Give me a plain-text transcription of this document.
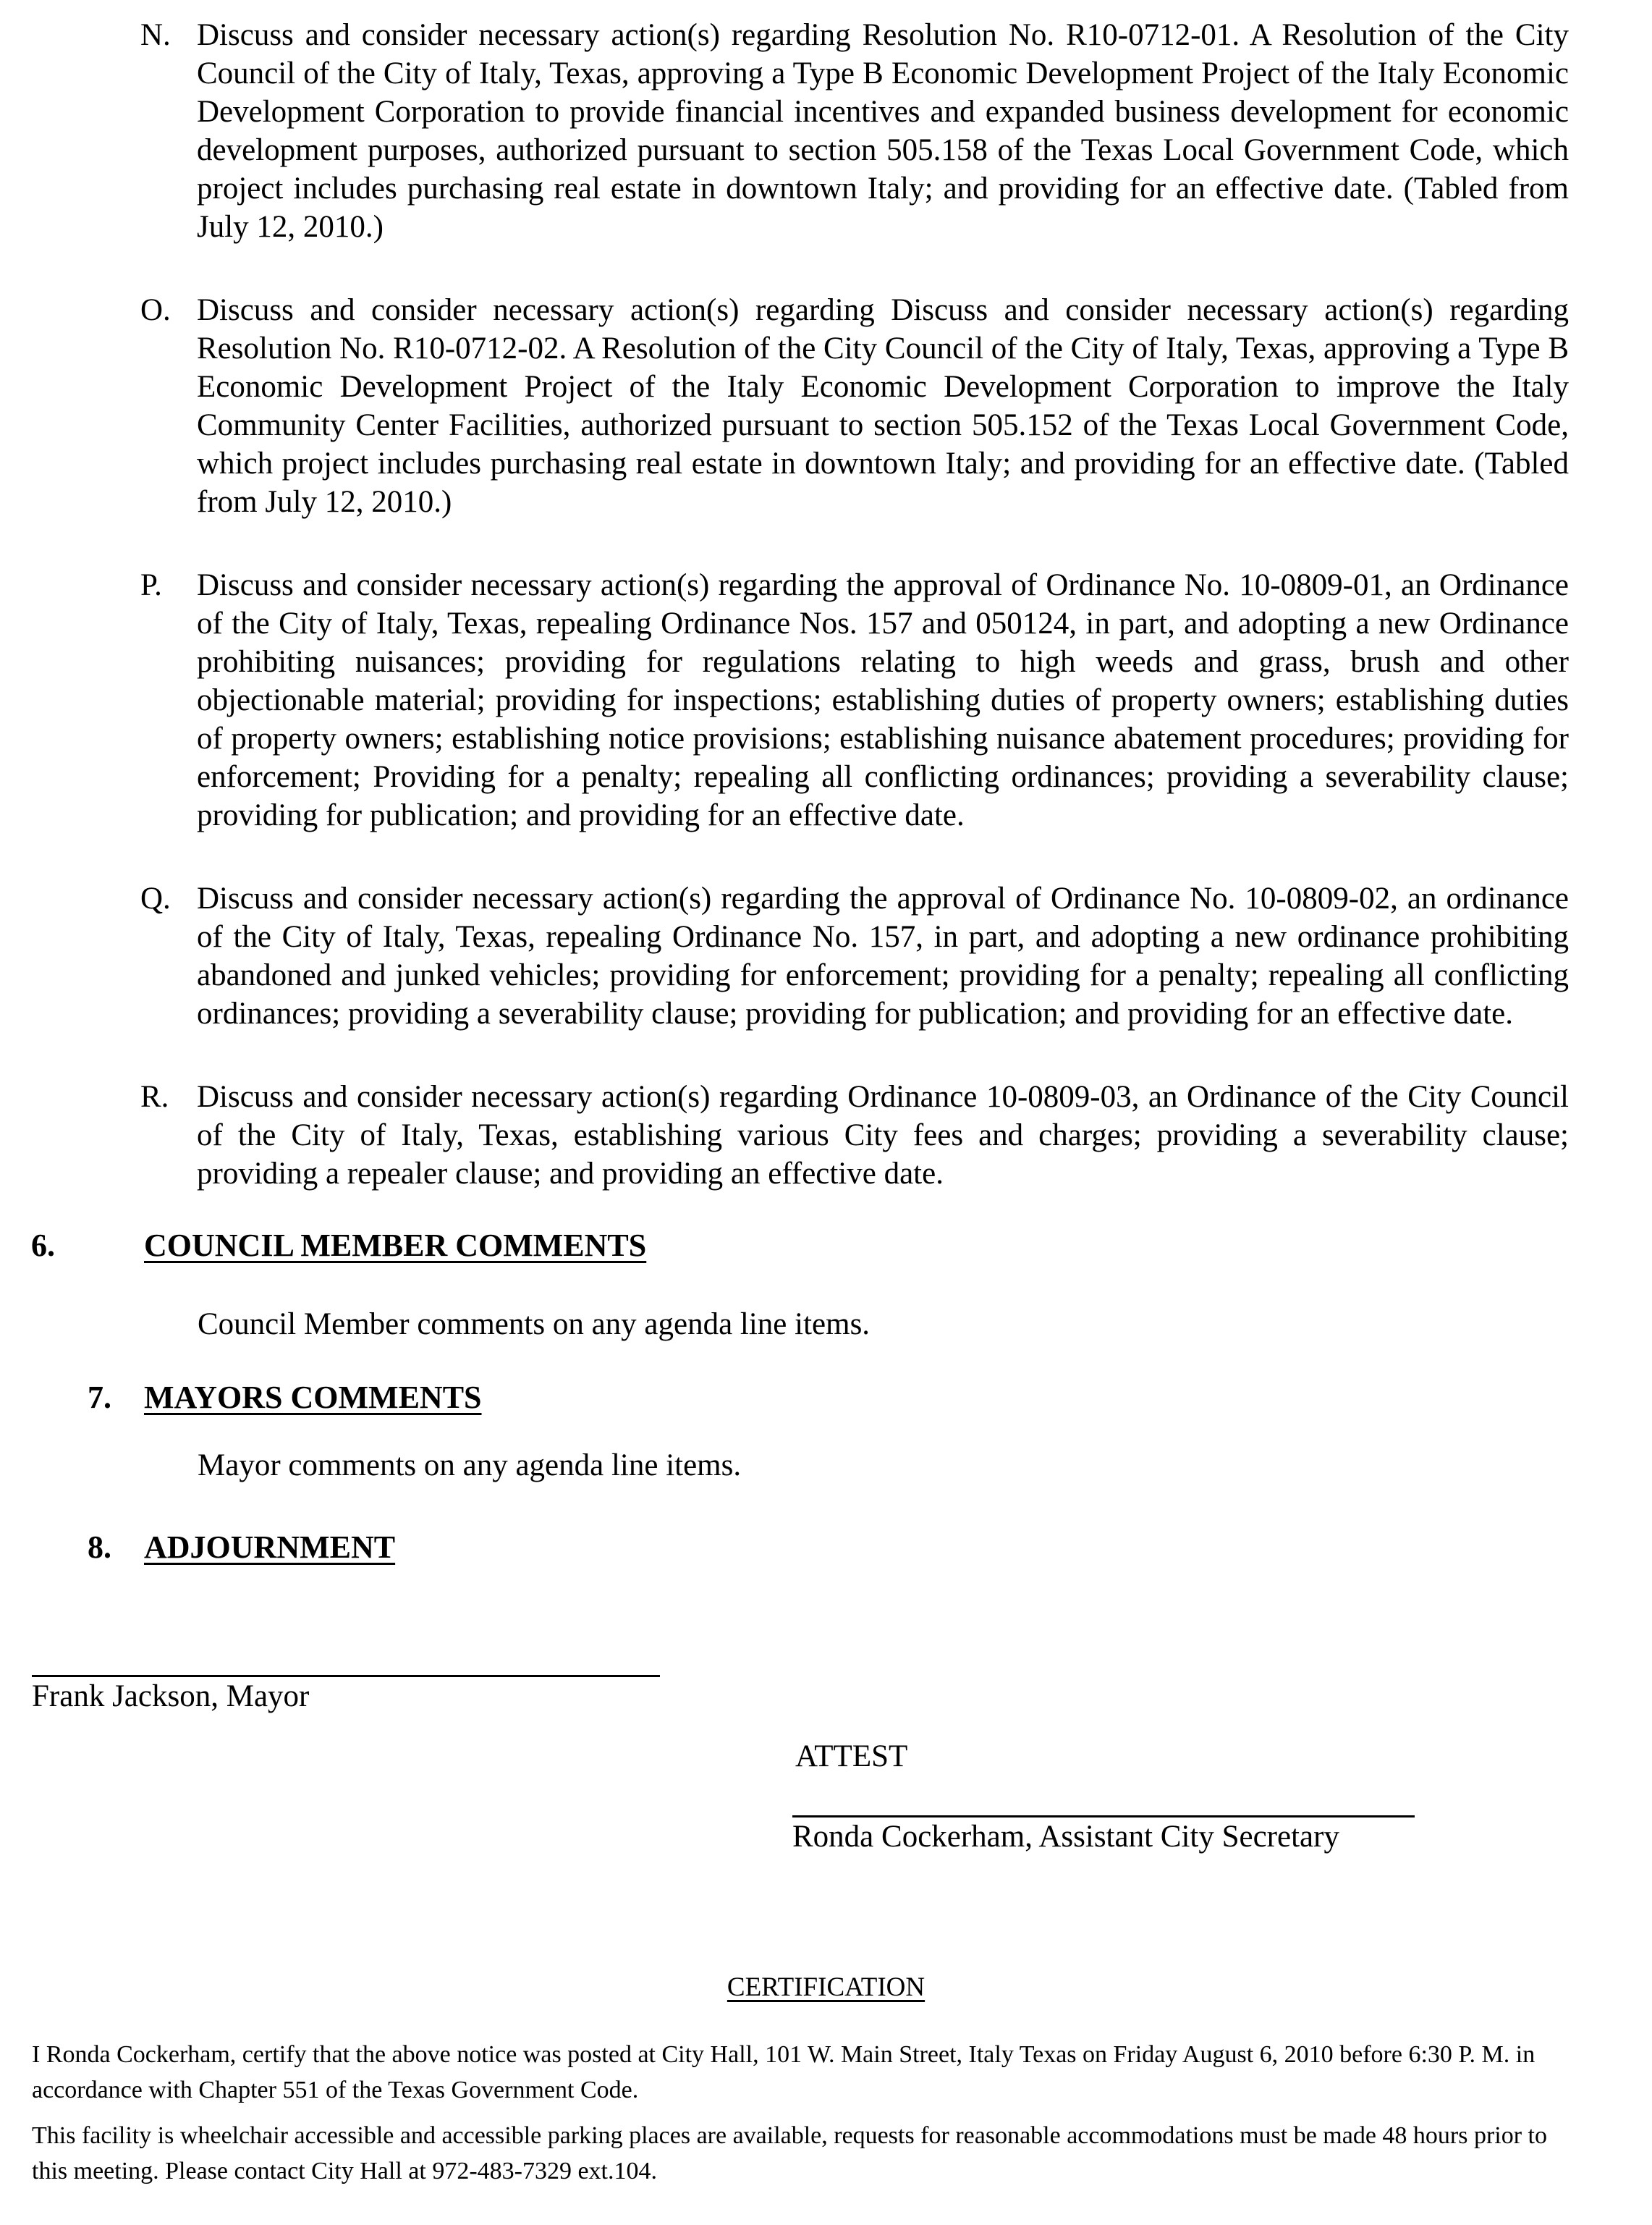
N. Discuss and consider necessary action(s) regarding Resolution No. R10-0712-01. A Resolution of the City Council of the City of Italy, Texas, approving a Type B Economic Development Project of the Italy Economic Development Corporation to provide financial incentives and expanded business development for economic development purposes, authorized pursuant to section 505.158 of the Texas Local Government Code, which project includes purchasing real estate in downtown Italy; and providing for an effective date. (Tabled from July 12, 2010.)
O. Discuss and consider necessary action(s) regarding Discuss and consider necessary action(s) regarding Resolution No. R10-0712-02. A Resolution of the City Council of the City of Italy, Texas, approving a Type B Economic Development Project of the Italy Economic Development Corporation to improve the Italy Community Center Facilities, authorized pursuant to section 505.152 of the Texas Local Government Code, which project includes purchasing real estate in downtown Italy; and providing for an effective date. (Tabled from July 12, 2010.)
P.	Discuss and consider necessary action(s) regarding the approval of Ordinance No. 10-0809-01, an Ordinance of the City of Italy, Texas, repealing Ordinance Nos. 157 and 050124, in part, and adopting a new Ordinance prohibiting nuisances; providing for regulations relating to high weeds and grass, brush and other objectionable material; providing for inspections; establishing duties of property owners; establishing duties of property owners; establishing notice provisions; establishing nuisance abatement procedures; providing for enforcement; Providing for a penalty; repealing all conflicting ordinances; providing a severability clause; providing for publication; and providing for an effective date.
Q. Discuss and consider necessary action(s) regarding the approval of Ordinance No. 10-0809-02, an ordinance of the City of Italy, Texas, repealing Ordinance No. 157, in part, and adopting a new ordinance prohibiting abandoned and junked vehicles; providing for enforcement; providing for a penalty; repealing all conflicting ordinances; providing a severability clause; providing for publication; and providing for an effective date.
R. Discuss and consider necessary action(s) regarding Ordinance 10-0809-03, an Ordinance of the City Council of the City of Italy, Texas, establishing various City fees and charges; providing a severability clause; providing a repealer clause; and providing an effective date.
6.	COUNCIL MEMBER COMMENTS
Council Member comments on any agenda line items.
7.	MAYORS COMMENTS
Mayor comments on any agenda line items.
8.	ADJOURNMENT
Frank Jackson, Mayor
ATTEST
Ronda Cockerham, Assistant City Secretary
CERTIFICATION
I Ronda Cockerham, certify that the above notice was posted at City Hall, 101 W. Main Street, Italy Texas on Friday August 6, 2010 before 6:30 P. M. in accordance with Chapter 551 of the Texas Government Code.
This facility is wheelchair accessible and accessible parking places are available, requests for reasonable accommodations must be made 48 hours prior to this meeting. Please contact City Hall at 972-483-7329 ext.104.
